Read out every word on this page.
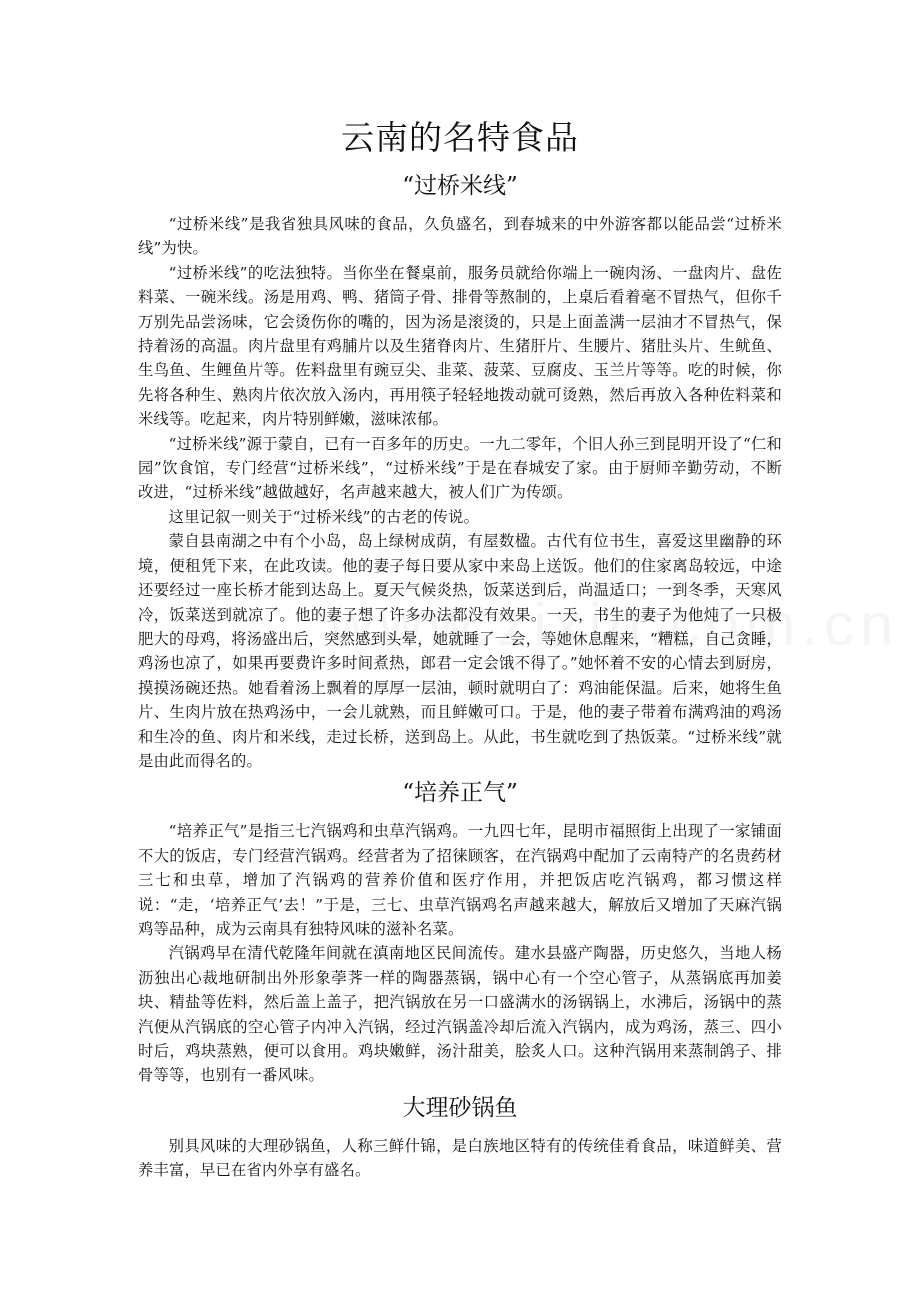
云南的名特食品
“过桥米线”

“过桥米线”是我省独具风味的食品，久负盛名，到春城来的中外游客都以能品尝“过桥米线”为快。

“过桥米线”的吃法独特。当你坐在餐桌前，服务员就给你端上一碗肉汤、一盘肉片、盘佐料菜、一碗米线。汤是用鸡、鸭、猪筒子骨、排骨等熬制的，上桌后看着毫不冒热气，但你千万别先品尝汤味，它会烫伤你的嘴的，因为汤是滚烫的，只是上面盖满一层油才不冒热气，保持着汤的高温。肉片盘里有鸡脯片以及生猪脊肉片、生猪肝片、生腰片、猪肚头片、生鱿鱼、生鸟鱼、生鲤鱼片等。佐料盘里有豌豆尖、韭菜、菠菜、豆腐皮、玉兰片等等。吃的时候，你先将各种生、熟肉片依次放入汤内，再用筷子轻轻地拨动就可烫熟，然后再放入各种佐料菜和米线等。吃起来，肉片特别鲜嫩，滋味浓郁。

“过桥米线”源于蒙自，已有一百多年的历史。一九二零年，个旧人孙三到昆明开设了“仁和园”饮食馆，专门经营“过桥米线”，“过桥米线”于是在春城安了家。由于厨师辛勤劳动，不断改进，“过桥米线”越做越好，名声越来越大，被人们广为传颂。

这里记叙一则关于“过桥米线”的古老的传说。

蒙自县南湖之中有个小岛，岛上绿树成荫，有屋数楹。古代有位书生，喜爱这里幽静的环境，便租凭下来，在此攻读。他的妻子每日要从家中来岛上送饭。他们的住家离岛较远，中途还要经过一座长桥才能到达岛上。夏天气候炎热，饭菜送到后，尚温适口；一到冬季，天寒风冷，饭菜送到就凉了。他的妻子想了许多办法都没有效果。一天，书生的妻子为他炖了一只极肥大的母鸡，将汤盛出后，突然感到头晕，她就睡了一会，等她休息醒来，“糟糕，自己贪睡，鸡汤也凉了，如果再要费许多时间煮热，郎君一定会饿不得了。”她怀着不安的心情去到厨房，摸摸汤碗还热。她看着汤上飘着的厚厚一层油，顿时就明白了：鸡油能保温。后来，她将生鱼片、生肉片放在热鸡汤中，一会儿就熟，而且鲜嫩可口。于是，他的妻子带着布满鸡油的鸡汤和生冷的鱼、肉片和米线，走过长桥，送到岛上。从此，书生就吃到了热饭菜。“过桥米线”就是由此而得名的。

“培养正气”

“培养正气”是指三七汽锅鸡和虫草汽锅鸡。一九四七年，昆明市福照街上出现了一家铺面不大的饭店，专门经营汽锅鸡。经营者为了招徕顾客，在汽锅鸡中配加了云南特产的名贵药材三七和虫草，增加了汽锅鸡的营养价值和医疗作用，并把饭店吃汽锅鸡，都习惯这样说：“走，‘培养正气’去！”于是，三七、虫草汽锅鸡名声越来越大，解放后又增加了天麻汽锅鸡等品种，成为云南具有独特风味的滋补名菜。

汽锅鸡早在清代乾隆年间就在滇南地区民间流传。建水县盛产陶器，历史悠久，当地人杨沥独出心裁地研制出外形象荸荠一样的陶器蒸锅，锅中心有一个空心管子，从蒸锅底再加姜块、精盐等佐料，然后盖上盖子，把汽锅放在另一口盛满水的汤锅锅上，水沸后，汤锅中的蒸汽便从汽锅底的空心管子内冲入汽锅，经过汽锅盖冷却后流入汽锅内，成为鸡汤，蒸三、四小时后，鸡块蒸熟，便可以食用。鸡块嫩鲜，汤汁甜美，脍炙人口。这种汽锅用来蒸制鸽子、排骨等等，也别有一番风味。

大理砂锅鱼

别具风味的大理砂锅鱼，人称三鲜什锦，是白族地区特有的传统佳肴食品，味道鲜美、营养丰富，早已在省内外享有盛名。
